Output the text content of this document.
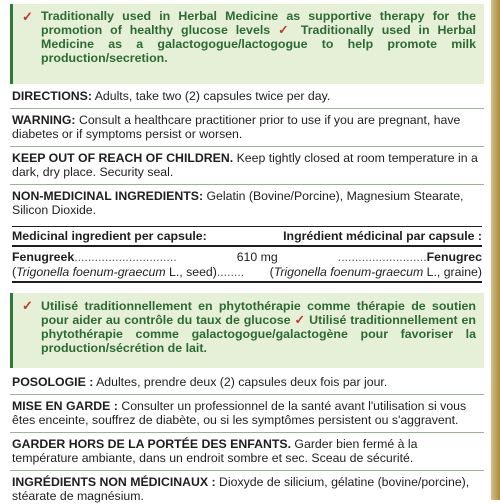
✓ Traditionally used in Herbal Medicine as supportive therapy for the promotion of healthy glucose levels ✓ Traditionally used in Herbal Medicine as a galactogogue/lactogogue to help promote milk production/secretion.
DIRECTIONS: Adults, take two (2) capsules twice per day.
WARNING: Consult a healthcare practitioner prior to use if you are pregnant, have diabetes or if symptoms persist or worsen.
KEEP OUT OF REACH OF CHILDREN. Keep tightly closed at room temperature in a dark, dry place. Security seal.
NON-MEDICINAL INGREDIENTS: Gelatin (Bovine/Porcine), Magnesium Stearate, Silicon Dioxide.
Medicinal ingredient per capsule:	Ingrédient médicinal par capsule :
Fenugreek..............................	610 mg	..........................Fenugrec
(Trigonella foenum-graecum L., seed)........ (Trigonella foenum-graecum L., graine)
✓ Utilisé traditionnellement en phytothérapie comme thérapie de soutien pour aider au contrôle du taux de glucose ✓ Utilisé traditionnellement en phytothérapie comme galactogogue/galactogène pour favoriser la production/sécrétion de lait.
POSOLOGIE : Adultes, prendre deux (2) capsules deux fois par jour.
MISE EN GARDE : Consulter un professionnel de la santé avant l'utilisation si vous êtes enceinte, souffrez de diabète, ou si les symptômes persistent ou s'aggravent.
GARDER HORS DE LA PORTÉE DES ENFANTS. Garder bien fermé à la température ambiante, dans un endroit sombre et sec. Sceau de sécurité.
INGRÉDIENTS NON MÉDICINAUX : Dioxyde de silicium, gélatine (bovine/porcine), stéarate de magnésium.
